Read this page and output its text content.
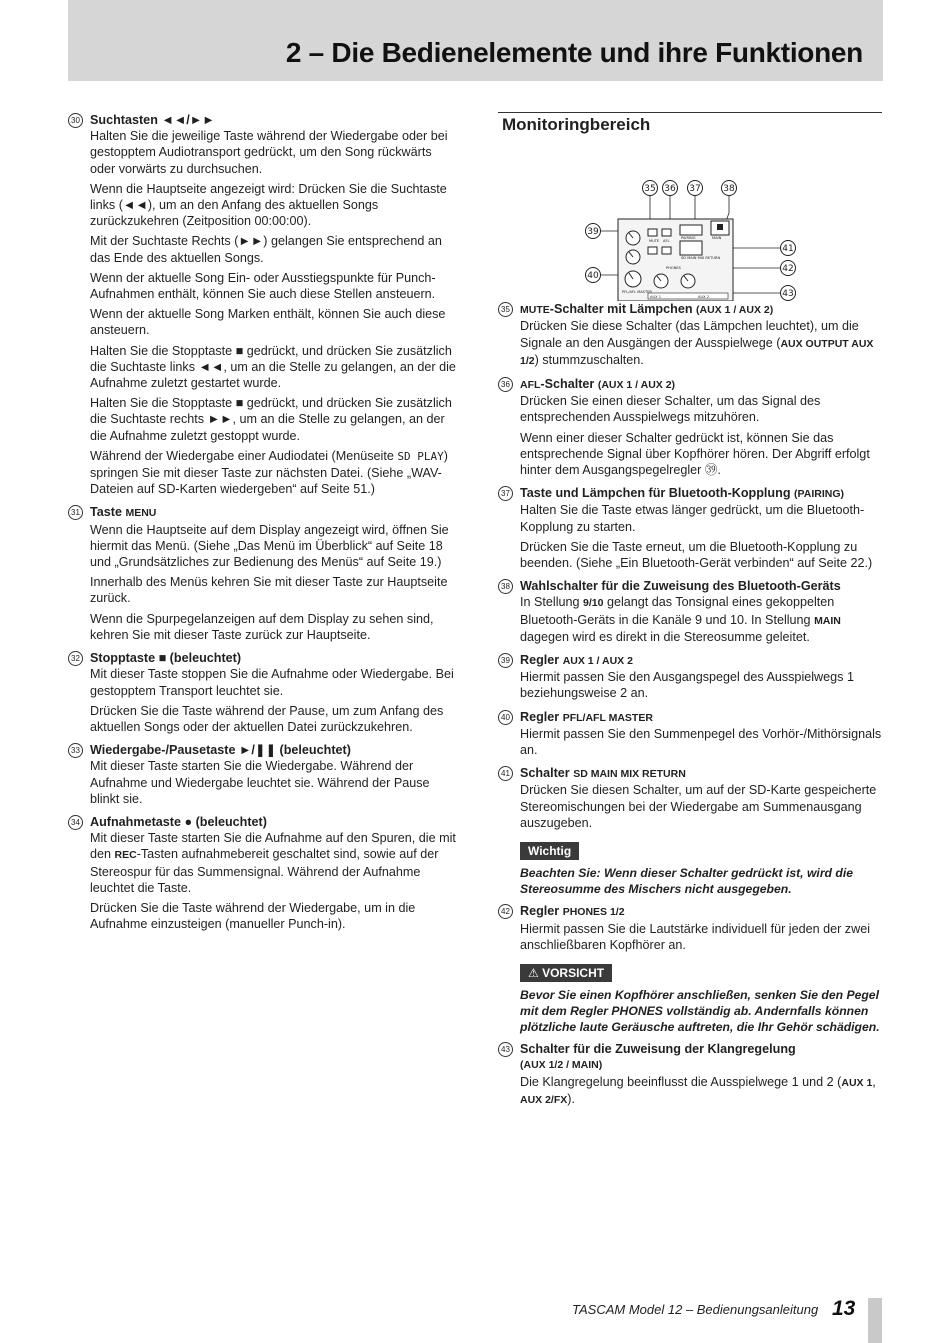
2 – Die Bedienelemente und ihre Funktionen
30 Suchtasten ◄◄/►►

Halten Sie die jeweilige Taste während der Wiedergabe oder bei gestopptem Audiotransport gedrückt, um den Song rückwärts oder vorwärts zu durchsuchen.

Wenn die Hauptseite angezeigt wird: Drücken Sie die Suchtaste links (◄◄), um an den Anfang des aktuellen Songs zurückzukehren (Zeitposition 00:00:00).

Mit der Suchtaste Rechts (►►) gelangen Sie entsprechend an das Ende des aktuellen Songs.

Wenn der aktuelle Song Ein- oder Ausstiegspunkte für Punch-Aufnahmen enthält, können Sie auch diese Stellen ansteuern.

Wenn der aktuelle Song Marken enthält, können Sie auch diese ansteuern.

Halten Sie die Stopptaste ■ gedrückt, und drücken Sie zusätzlich die Suchtaste links ◄◄, um an die Stelle zu gelangen, an der die Aufnahme zuletzt gestartet wurde.

Halten Sie die Stopptaste ■ gedrückt, und drücken Sie zusätzlich die Suchtaste rechts ►►, um an die Stelle zu gelangen, an der die Aufnahme zuletzt gestoppt wurde.

Während der Wiedergabe einer Audiodatei (Menüseite SD PLAY) springen Sie mit dieser Taste zur nächsten Datei. (Siehe „WAV-Dateien auf SD-Karten wiedergeben“ auf Seite 51.)

31 Taste MENU

Wenn die Hauptseite auf dem Display angezeigt wird, öffnen Sie hiermit das Menü. (Siehe „Das Menü im Überblick“ auf Seite 18 und „Grundsätzliches zur Bedienung des Menüs“ auf Seite 19.)

Innerhalb des Menüs kehren Sie mit dieser Taste zur Hauptseite zurück.

Wenn die Spurpegelanzeigen auf dem Display zu sehen sind, kehren Sie mit dieser Taste zurück zur Hauptseite.

32 Stopptaste ■ (beleuchtet)

Mit dieser Taste stoppen Sie die Aufnahme oder Wiedergabe. Bei gestopptem Transport leuchtet sie.

Drücken Sie die Taste während der Pause, um zum Anfang des aktuellen Songs oder der aktuellen Datei zurückzukehren.

33 Wiedergabe-/Pausetaste ►/❚❚ (beleuchtet)

Mit dieser Taste starten Sie die Wiedergabe. Während der Aufnahme und Wiedergabe leuchtet sie. Während der Pause blinkt sie.

34 Aufnahmetaste ● (beleuchtet)

Mit dieser Taste starten Sie die Aufnahme auf den Spuren, die mit den REC-Tasten aufnahmebereit geschaltet sind, sowie auf der Stereospur für das Summensignal. Während der Aufnahme leuchtet die Taste.

Drücken Sie die Taste während der Wiedergabe, um in die Aufnahme einzusteigen (manueller Punch-in).

Monitoringbereich
35 36 37	38
39
40
41
42
43
MUTE AFL
PAIRING
PHONES
MAIN
PFL/AFL MASTER
SD MAIN MIX RETURN
AUX 1	AUX 2
35 MUTE-Schalter mit Lämpchen (AUX 1 / AUX 2)

Drücken Sie diese Schalter (das Lämpchen leuchtet), um die Signale an den Ausgängen der Ausspielwege (AUX OUTPUT AUX 1/2) stummzuschalten.

36 AFL-Schalter (AUX 1 / AUX 2)

Drücken Sie einen dieser Schalter, um das Signal des entsprechenden Ausspielwegs mitzuhören.

Wenn einer dieser Schalter gedrückt ist, können Sie das entsprechende Signal über Kopfhörer hören. Der Abgriff erfolgt hinter dem Ausgangspegelregler ㊴.

37 Taste und Lämpchen für Bluetooth-Kopplung (PAIRING)

Halten Sie die Taste etwas länger gedrückt, um die Bluetooth-Kopplung zu starten.

Drücken Sie die Taste erneut, um die Bluetooth-Kopplung zu beenden. (Siehe „Ein Bluetooth-Gerät verbinden“ auf Seite 22.)

38 Wahlschalter für die Zuweisung des Bluetooth-Geräts

In Stellung 9/10 gelangt das Tonsignal eines gekoppelten Bluetooth-Geräts in die Kanäle 9 und 10. In Stellung MAIN dagegen wird es direkt in die Stereosumme geleitet.

39 Regler AUX 1 / AUX 2

Hiermit passen Sie den Ausgangspegel des Ausspielwegs 1 beziehungsweise 2 an.

40 Regler PFL/AFL MASTER

Hiermit passen Sie den Summenpegel des Vorhör-/Mithörsignals an.

41 Schalter SD MAIN MIX RETURN

Drücken Sie diesen Schalter, um auf der SD-Karte gespeicherte Stereomischungen bei der Wiedergabe am Summenausgang auszugeben.

Wichtig
Beachten Sie: Wenn dieser Schalter gedrückt ist, wird die Stereosumme des Mischers nicht ausgegeben.
42 Regler PHONES 1/2

Hiermit passen Sie die Lautstärke individuell für jeden der zwei anschließbaren Kopfhörer an.

⚠ VORSICHT
Bevor Sie einen Kopfhörer anschließen, senken Sie den Pegel mit dem Regler PHONES vollständig ab. Andernfalls können plötzliche laute Geräusche auftreten, die Ihr Gehör schädigen.
43 Schalter für die Zuweisung der Klangregelung
(AUX 1/2 / MAIN)

Die Klangregelung beeinflusst die Ausspielwege 1 und 2 (AUX 1, AUX 2/FX).

TASCAM Model 12 – Bedienungsanleitung 13
